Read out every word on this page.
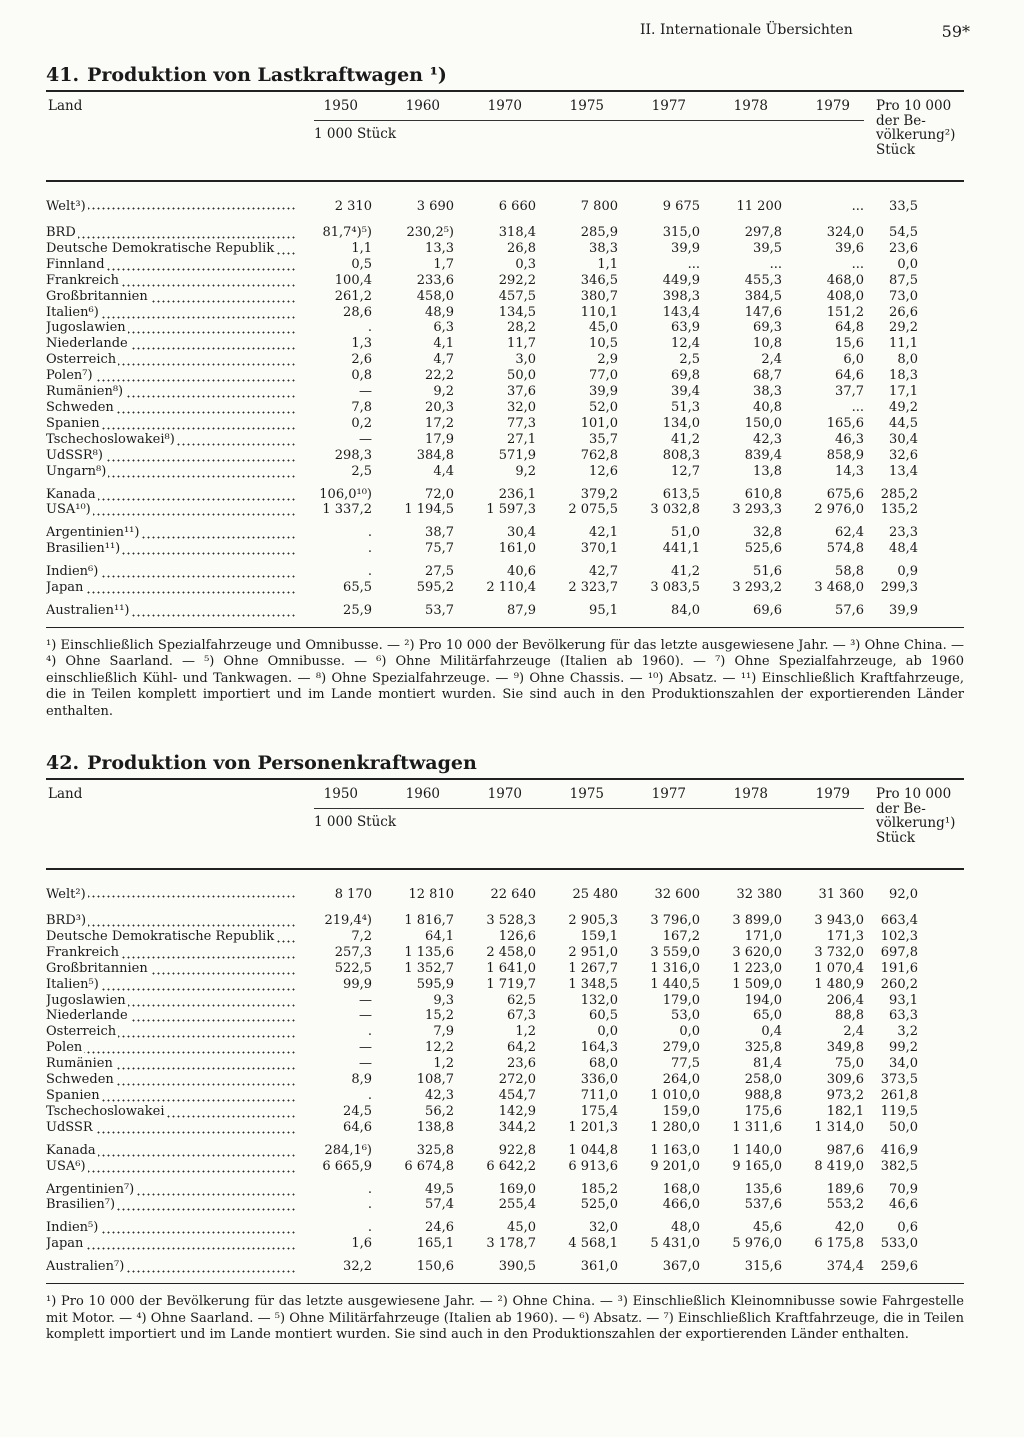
II. Internationale Übersichten	59*
41. Produktion von Lastkraftwagen ¹)
Land	1950	1960	1970	1975	1977	1978	1979
1 000 Stück
Pro 10 000
der Be-
völkerung²)
Stück

Welt³)	2 310	3 690	6 660	7 800	9 675	11 200	...	33,5

BRD	81,7⁴)⁵)	230,2⁵)	318,4	285,9	315,0	297,8	324,0	54,5
Deutsche Demokratische Republik	1,1	13,3	26,8	38,3	39,9	39,5	39,6	23,6
Finnland	0,5	1,7	0,3	1,1	...	...	...	0,0
Frankreich	100,4	233,6	292,2	346,5	449,9	455,3	468,0	87,5
Großbritannien	261,2	458,0	457,5	380,7	398,3	384,5	408,0	73,0
Italien⁶)	28,6	48,9	134,5	110,1	143,4	147,6	151,2	26,6
Jugoslawien	.	6,3	28,2	45,0	63,9	69,3	64,8	29,2
Niederlande	1,3	4,1	11,7	10,5	12,4	10,8	15,6	11,1
Österreich	2,6	4,7	3,0	2,9	2,5	2,4	6,0	8,0
Polen⁷)	0,8	22,2	50,0	77,0	69,8	68,7	64,6	18,3
Rumänien⁸)	—	9,2	37,6	39,9	39,4	38,3	37,7	17,1
Schweden	7,8	20,3	32,0	52,0	51,3	40,8	...	49,2
Spanien	0,2	17,2	77,3	101,0	134,0	150,0	165,6	44,5
Tschechoslowakei⁸)	—	17,9	27,1	35,7	41,2	42,3	46,3	30,4
UdSSR⁸)	298,3	384,8	571,9	762,8	808,3	839,4	858,9	32,6
Ungarn⁸)	2,5	4,4	9,2	12,6	12,7	13,8	14,3	13,4

Kanada	106,0¹⁰)	72,0	236,1	379,2	613,5	610,8	675,6	285,2
USA¹⁰)	1 337,2	1 194,5	1 597,3	2 075,5	3 032,8	3 293,3	2 976,0	135,2

Argentinien¹¹)	.	38,7	30,4	42,1	51,0	32,8	62,4	23,3
Brasilien¹¹)	.	75,7	161,0	370,1	441,1	525,6	574,8	48,4

Indien⁶)	.	27,5	40,6	42,7	41,2	51,6	58,8	0,9
Japan	65,5	595,2	2 110,4	2 323,7	3 083,5	3 293,2	3 468,0	299,3

Australien¹¹)	25,9	53,7	87,9	95,1	84,0	69,6	57,6	39,9

¹) Einschließlich Spezialfahrzeuge und Omnibusse. — ²) Pro 10 000 der Bevölkerung für das letzte ausgewiesene Jahr. — ³) Ohne China. — ⁴) Ohne Saarland. — ⁵) Ohne Omnibusse. — ⁶) Ohne Militärfahrzeuge (Italien ab 1960). — ⁷) Ohne Spezialfahrzeuge, ab 1960 einschließlich Kühl- und Tankwagen. — ⁸) Ohne Spezialfahrzeuge. — ⁹) Ohne Chassis. — ¹⁰) Absatz. — ¹¹) Einschließlich Kraftfahrzeuge, die in Teilen komplett importiert und im Lande montiert wurden. Sie sind auch in den Produktionszahlen der exportierenden Länder enthalten.

42. Produktion von Personenkraftwagen
Land	1950	1960	1970	1975	1977	1978	1979
1 000 Stück
Pro 10 000
der Be-
völkerung¹)
Stück

Welt²)	8 170	12 810	22 640	25 480	32 600	32 380	31 360	92,0

BRD³)	219,4⁴)	1 816,7	3 528,3	2 905,3	3 796,0	3 899,0	3 943,0	663,4
Deutsche Demokratische Republik	7,2	64,1	126,6	159,1	167,2	171,0	171,3	102,3
Frankreich	257,3	1 135,6	2 458,0	2 951,0	3 559,0	3 620,0	3 732,0	697,8
Großbritannien	522,5	1 352,7	1 641,0	1 267,7	1 316,0	1 223,0	1 070,4	191,6
Italien⁵)	99,9	595,9	1 719,7	1 348,5	1 440,5	1 509,0	1 480,9	260,2
Jugoslawien	—	9,3	62,5	132,0	179,0	194,0	206,4	93,1
Niederlande	—	15,2	67,3	60,5	53,0	65,0	88,8	63,3
Österreich	.	7,9	1,2	0,0	0,0	0,4	2,4	3,2
Polen	—	12,2	64,2	164,3	279,0	325,8	349,8	99,2
Rumänien	—	1,2	23,6	68,0	77,5	81,4	75,0	34,0
Schweden	8,9	108,7	272,0	336,0	264,0	258,0	309,6	373,5
Spanien	.	42,3	454,7	711,0	1 010,0	988,8	973,2	261,8
Tschechoslowakei	24,5	56,2	142,9	175,4	159,0	175,6	182,1	119,5
UdSSR	64,6	138,8	344,2	1 201,3	1 280,0	1 311,6	1 314,0	50,0

Kanada	284,1⁶)	325,8	922,8	1 044,8	1 163,0	1 140,0	987,6	416,9
USA⁶)	6 665,9	6 674,8	6 642,2	6 913,6	9 201,0	9 165,0	8 419,0	382,5

Argentinien⁷)	.	49,5	169,0	185,2	168,0	135,6	189,6	70,9
Brasilien⁷)	.	57,4	255,4	525,0	466,0	537,6	553,2	46,6

Indien⁵)	.	24,6	45,0	32,0	48,0	45,6	42,0	0,6
Japan	1,6	165,1	3 178,7	4 568,1	5 431,0	5 976,0	6 175,8	533,0

Australien⁷)	32,2	150,6	390,5	361,0	367,0	315,6	374,4	259,6

¹) Pro 10 000 der Bevölkerung für das letzte ausgewiesene Jahr. — ²) Ohne China. — ³) Einschließlich Kleinomnibusse sowie Fahrgestelle mit Motor. — ⁴) Ohne Saarland. — ⁵) Ohne Militärfahrzeuge (Italien ab 1960). — ⁶) Absatz. — ⁷) Einschließlich Kraftfahrzeuge, die in Teilen komplett importiert und im Lande montiert wurden. Sie sind auch in den Produktionszahlen der exportierenden Länder enthalten.
